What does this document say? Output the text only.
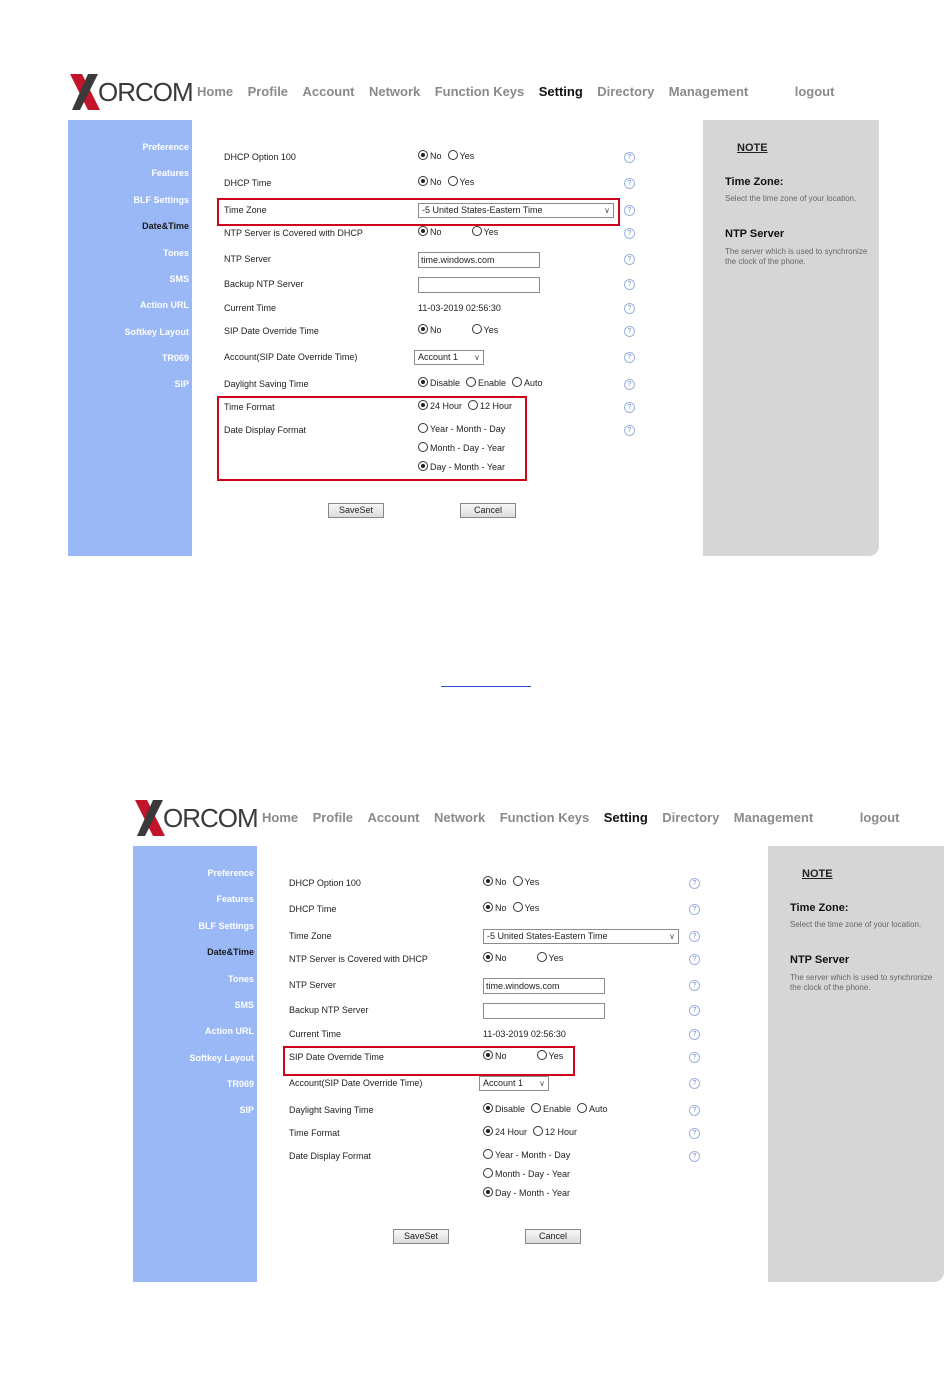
ORCOM Home Profile Account Network Function Keys Setting Directory Management	logout
Preference
Features
BLF Settings
Date&Time
Tones
SMS
Action URL
Softkey Layout
TR069
SIP
DHCP Option 100	No Yes	?
DHCP Time	No Yes	?
Time Zone	-5 United States-Eastern Time	∨	?
NTP Server is Covered with DHCP	No	Yes	?
NTP Server	time.windows.com	?
Backup NTP Server	?
Current Time	11-03-2019 02:56:30	?
SIP Date Override Time	No	Yes	?
Account(SIP Date Override Time)	Account 1 ∨	?
Daylight Saving Time	Disable Enable Auto	?
Time Format	24 Hour 12 Hour	?
Date Display Format	Year - Month - Day	?
Month - Day - Year
Day - Month - Year
SaveSet	Cancel
NOTE
Time Zone:
Select the time zone of your location.
NTP Server
The server which is used to synchronize the clock of the phone.
ORCOM Home Profile Account Network Function Keys Setting Directory Management	logout
Preference
Features
BLF Settings
Date&Time
Tones
SMS
Action URL
Softkey Layout
TR069
SIP
DHCP Option 100	No Yes	?
DHCP Time	No Yes	?
Time Zone	-5 United States-Eastern Time	∨	?
NTP Server is Covered with DHCP	No	Yes	?
NTP Server	time.windows.com	?
Backup NTP Server	?
Current Time	11-03-2019 02:56:30	?
SIP Date Override Time	No	Yes	?
Account(SIP Date Override Time)	Account 1 ∨	?
Daylight Saving Time	Disable Enable Auto	?
Time Format	24 Hour 12 Hour	?
Date Display Format	Year - Month - Day	?
Month - Day - Year
Day - Month - Year
SaveSet	Cancel
NOTE
Time Zone:
Select the time zone of your location.
NTP Server
The server which is used to synchronize the clock of the phone.
